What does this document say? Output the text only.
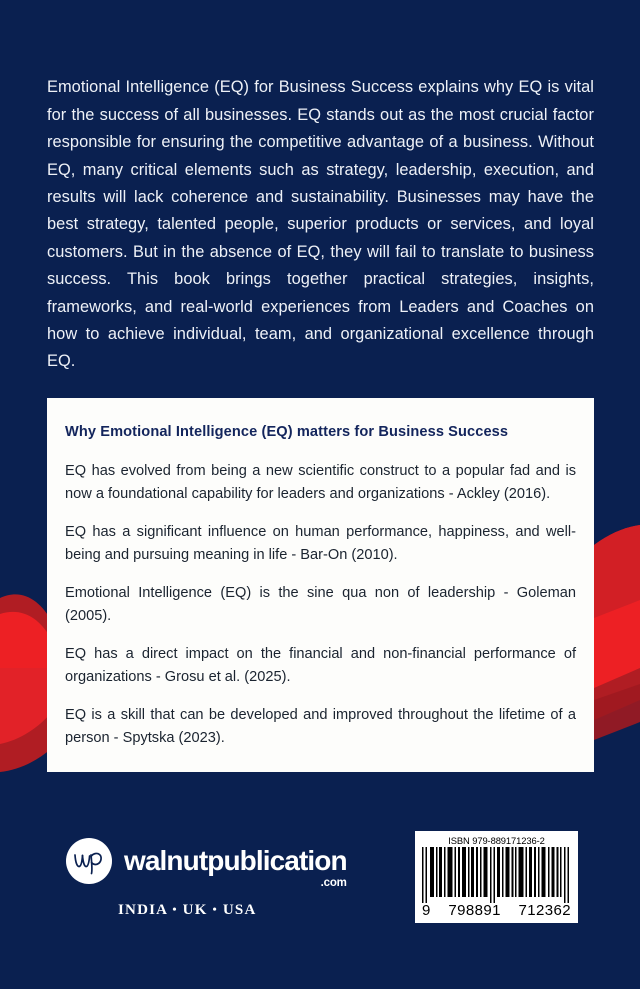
Emotional Intelligence (EQ) for Business Success explains why EQ is vital for the success of all businesses. EQ stands out as the most crucial factor responsible for ensuring the competitive advantage of a business. Without EQ, many critical elements such as strategy, leadership, execution, and results will lack coherence and sustainability. Businesses may have the best strategy, talented people, superior products or services, and loyal customers. But in the absence of EQ, they will fail to translate to business success. This book brings together practical strategies, insights, frameworks, and real-world experiences from Leaders and Coaches on how to achieve individual, team, and organizational excellence through EQ.

Why Emotional Intelligence (EQ) matters for Business Success

EQ has evolved from being a new scientific construct to a popular fad and is now a foundational capability for leaders and organizations - Ackley (2016).

EQ has a significant influence on human performance, happiness, and well-being and pursuing meaning in life - Bar-On (2010).

Emotional Intelligence (EQ) is the sine qua non of leadership - Goleman (2005).

EQ has a direct impact on the financial and non-financial performance of organizations - Grosu et al. (2025).

EQ is a skill that can be developed and improved throughout the lifetime of a person - Spytska (2023).

walnutpublication
.com
INDIA • UK • USA
ISBN 979-889171236-2
9 798891 712362
